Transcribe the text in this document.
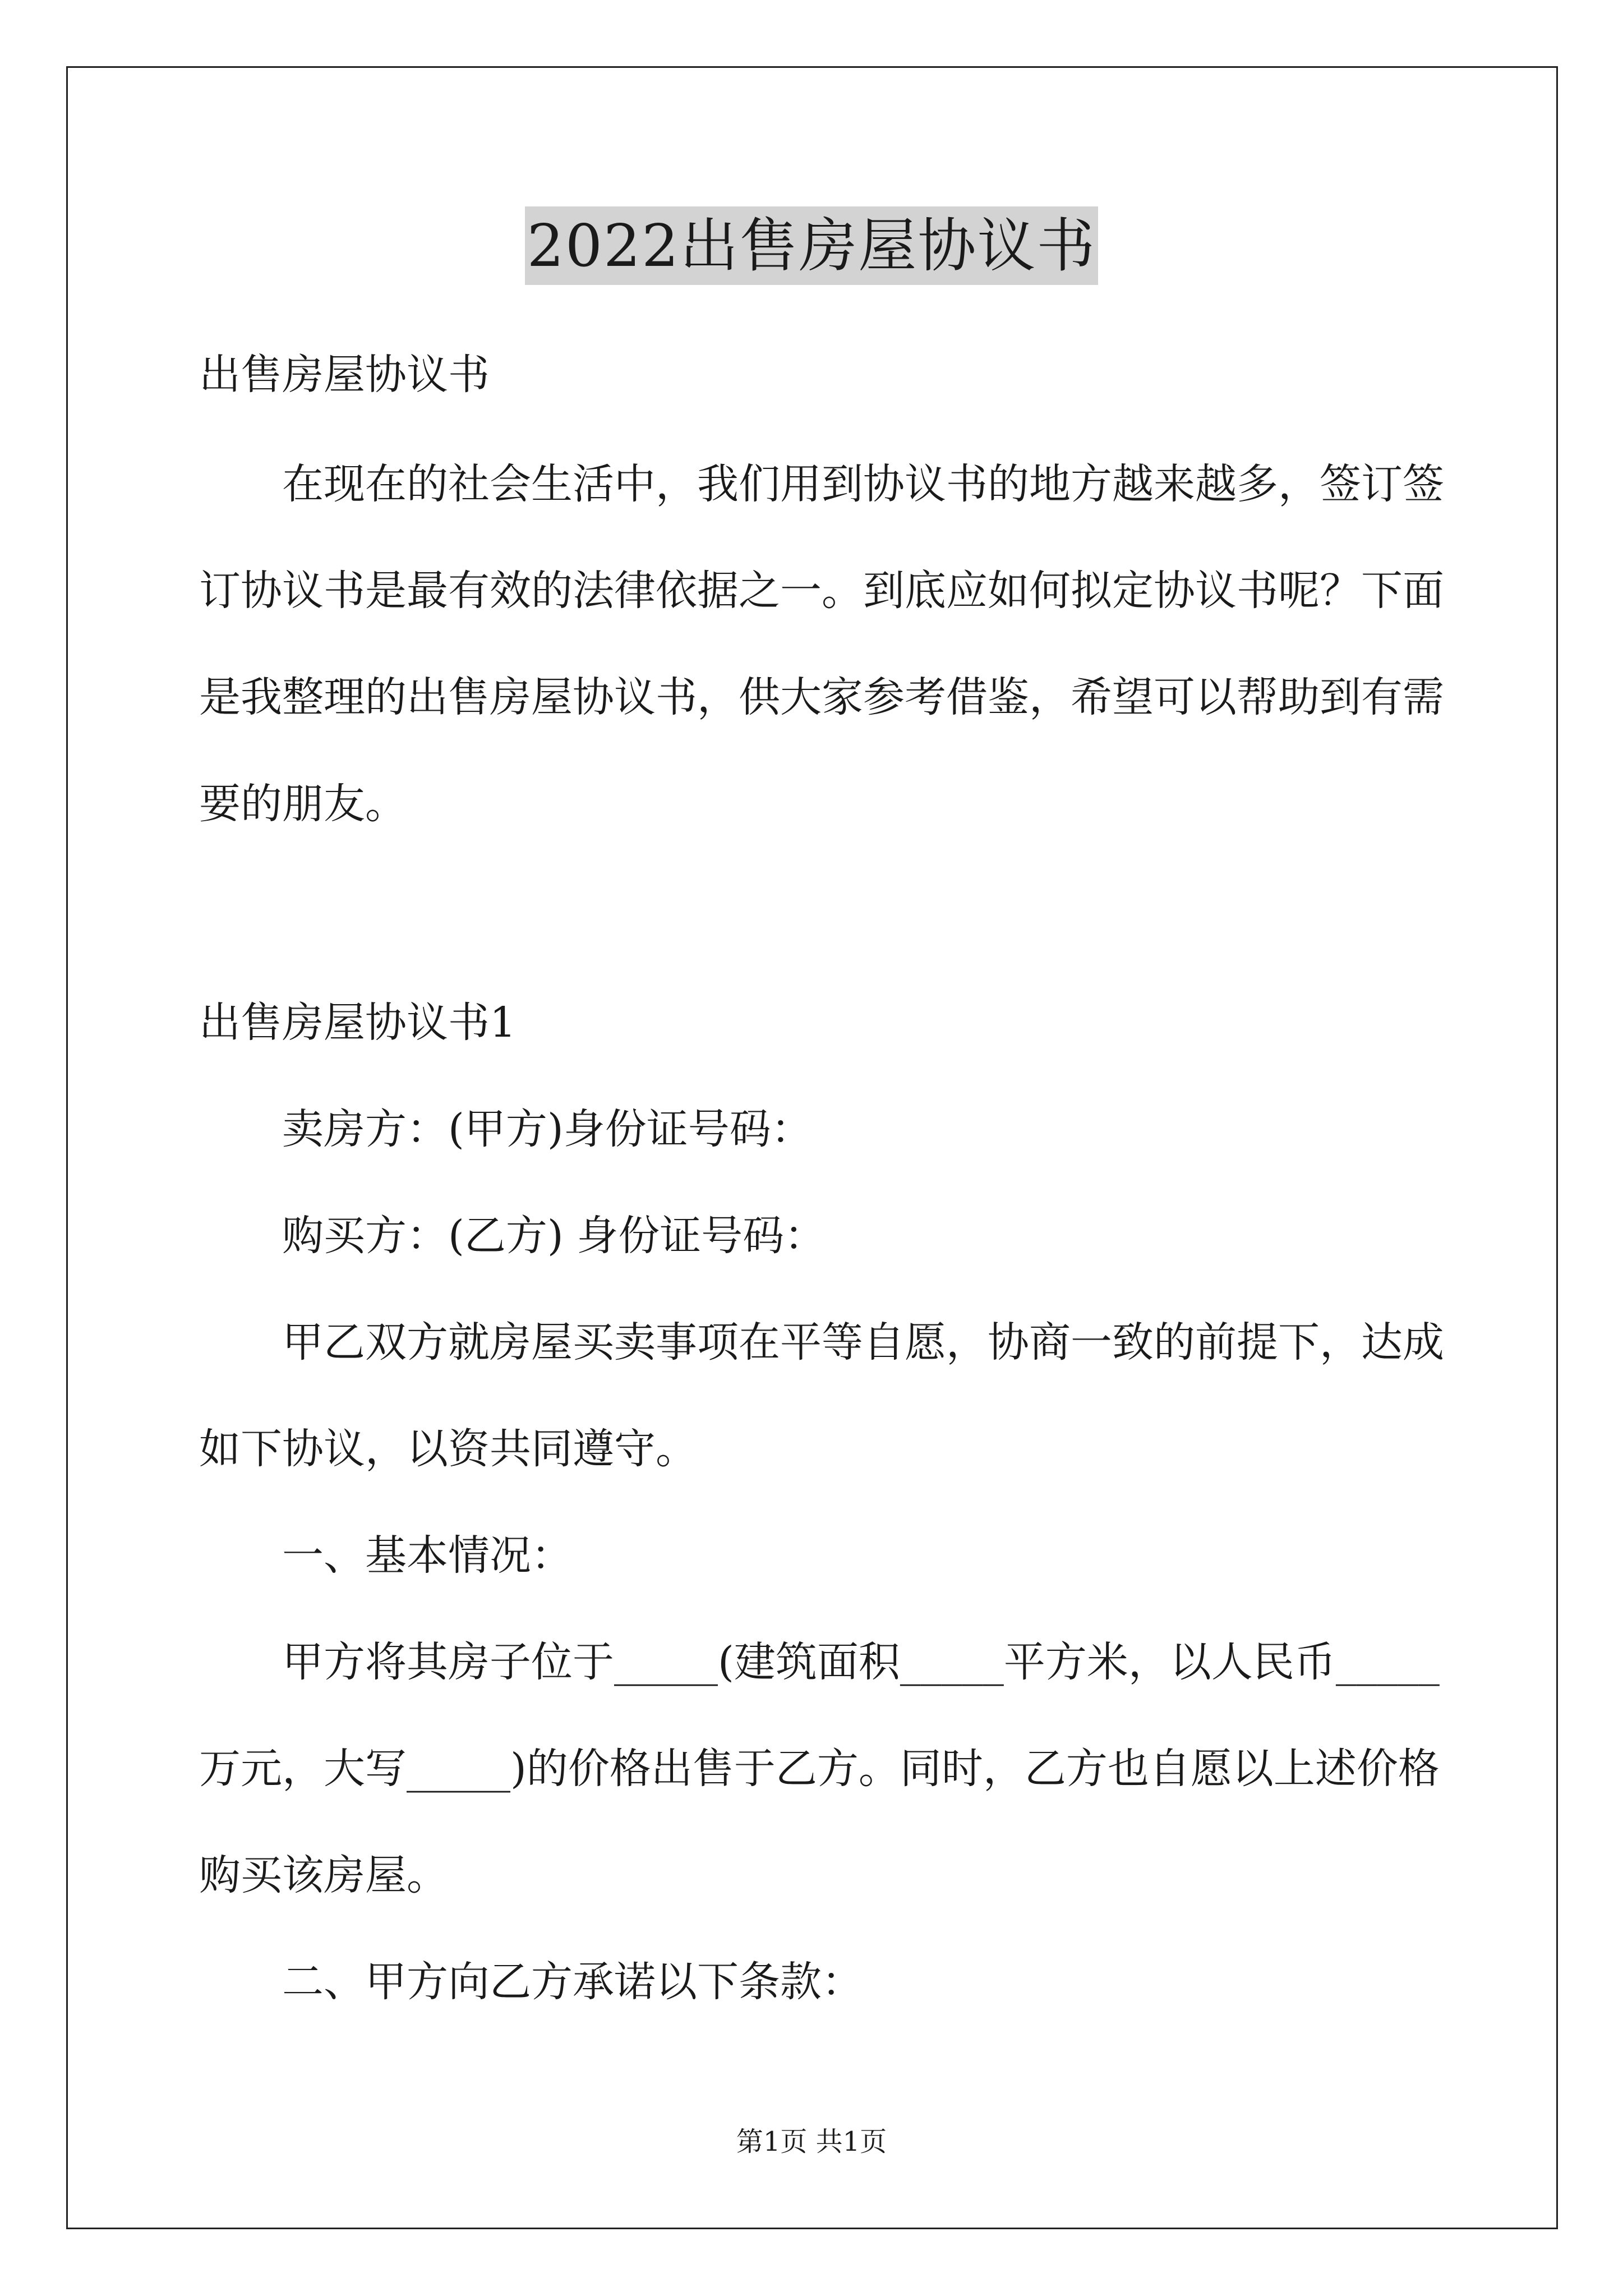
2022出售房屋协议书
出售房屋协议书
在现在的社会生活中，我们用到协议书的地方越来越多，签订签
订协议书是最有效的法律依据之一。到底应如何拟定协议书呢？下面
是我整理的出售房屋协议书，供大家参考借鉴，希望可以帮助到有需
要的朋友。
出售房屋协议书1
卖房方：(甲方)身份证号码：
购买方：(乙方) 身份证号码：
甲乙双方就房屋买卖事项在平等自愿，协商一致的前提下，达成
如下协议，以资共同遵守。
一、基本情况：
甲方将其房子位于_____(建筑面积_____平方米，以人民币_____
万元，大写_____)的价格出售于乙方。同时，乙方也自愿以上述价格
购买该房屋。
二、甲方向乙方承诺以下条款：
第1页 共1页
